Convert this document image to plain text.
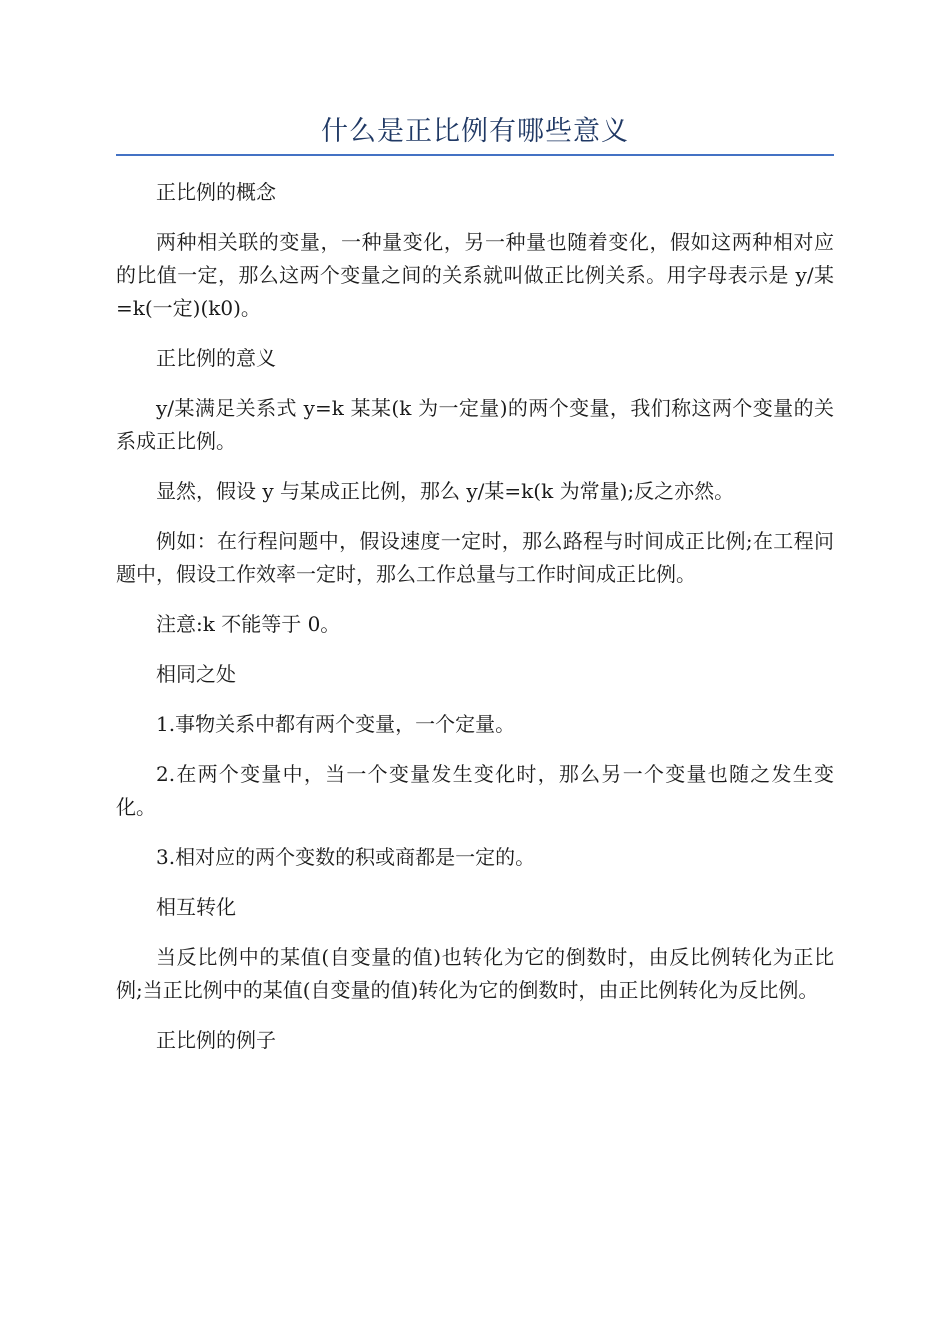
什么是正比例有哪些意义

正比例的概念

两种相关联的变量，一种量变化，另一种量也随着变化，假如这两种相对应的比值一定，那么这两个变量之间的关系就叫做正比例关系。用字母表示是 y/某=k(一定)(k0)。

正比例的意义

y/某满足关系式 y=k 某某(k 为一定量)的两个变量，我们称这两个变量的关系成正比例。

显然，假设 y 与某成正比例，那么 y/某=k(k 为常量);反之亦然。

例如：在行程问题中，假设速度一定时，那么路程与时间成正比例;在工程问题中，假设工作效率一定时，那么工作总量与工作时间成正比例。

注意:k 不能等于 0。

相同之处

1.事物关系中都有两个变量，一个定量。

2.在两个变量中，当一个变量发生变化时，那么另一个变量也随之发生变化。

3.相对应的两个变数的积或商都是一定的。

相互转化

当反比例中的某值(自变量的值)也转化为它的倒数时，由反比例转化为正比例;当正比例中的某值(自变量的值)转化为它的倒数时，由正比例转化为反比例。

正比例的例子
